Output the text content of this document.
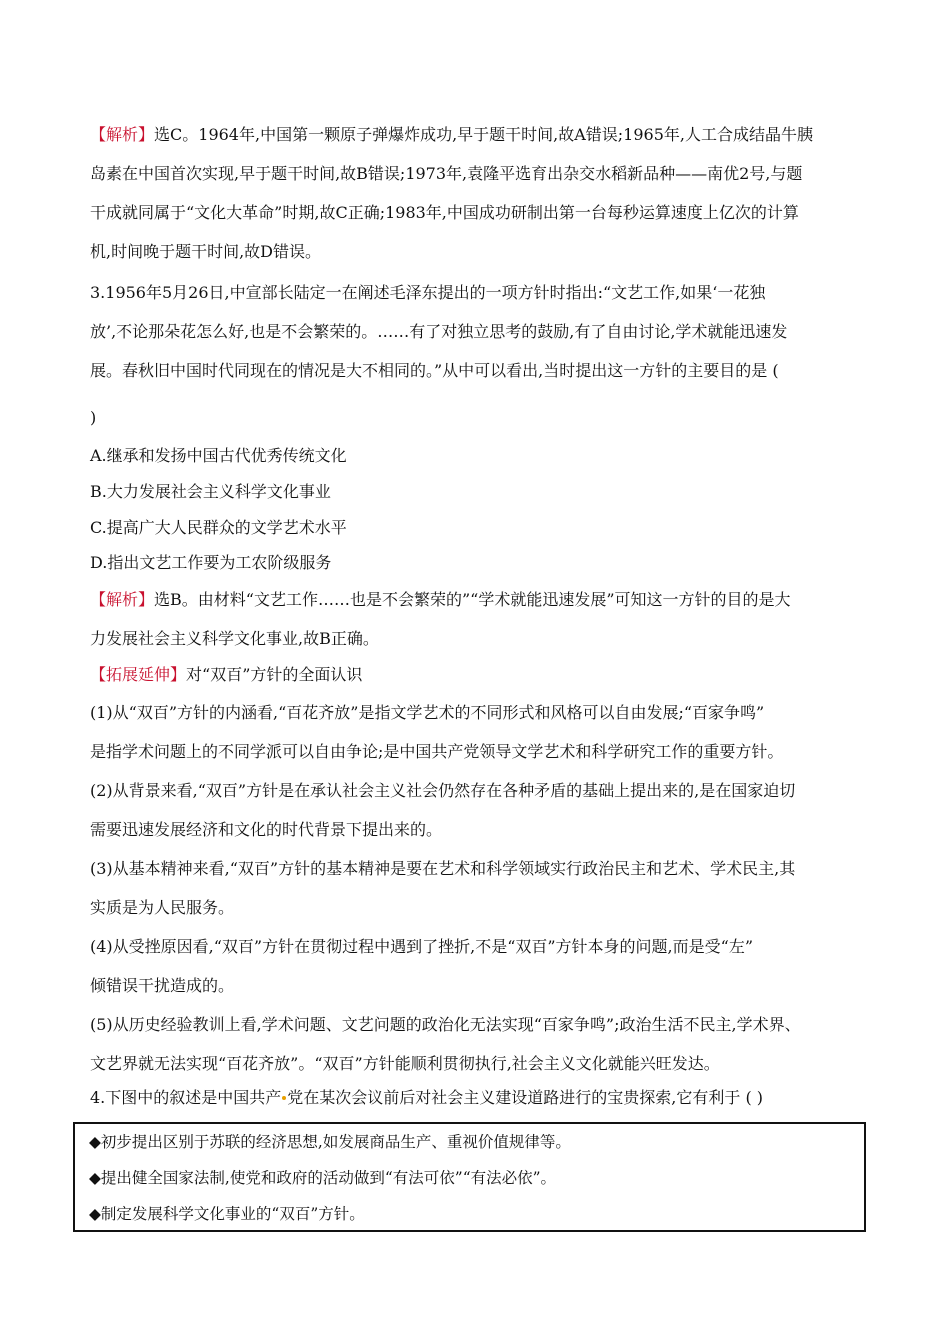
【解析】选C。1964年,中国第一颗原子弹爆炸成功,早于题干时间,故A错误;1965年,人工合成结晶牛胰
岛素在中国首次实现,早于题干时间,故B错误;1973年,袁隆平选育出杂交水稻新品种——南优2号,与题
干成就同属于“文化大革命”时期,故C正确;1983年,中国成功研制出第一台每秒运算速度上亿次的计算
机,时间晚于题干时间,故D错误。
3.1956年5月26日,中宣部长陆定一在阐述毛泽东提出的一项方针时指出:“文艺工作,如果‘一花独
放’,不论那朵花怎么好,也是不会繁荣的。……有了对独立思考的鼓励,有了自由讨论,学术就能迅速发
展。春秋旧中国时代同现在的情况是大不相同的。”从中可以看出,当时提出这一方针的主要目的是 (
)
A.继承和发扬中国古代优秀传统文化
B.大力发展社会主义科学文化事业
C.提高广大人民群众的文学艺术水平
D.指出文艺工作要为工农阶级服务
【解析】选B。由材料“文艺工作……也是不会繁荣的”“学术就能迅速发展”可知这一方针的目的是大
力发展社会主义科学文化事业,故B正确。
【拓展延伸】对“双百”方针的全面认识
(1)从“双百”方针的内涵看,“百花齐放”是指文学艺术的不同形式和风格可以自由发展;“百家争鸣”
是指学术问题上的不同学派可以自由争论;是中国共产党领导文学艺术和科学研究工作的重要方针。
(2)从背景来看,“双百”方针是在承认社会主义社会仍然存在各种矛盾的基础上提出来的,是在国家迫切
需要迅速发展经济和文化的时代背景下提出来的。
(3)从基本精神来看,“双百”方针的基本精神是要在艺术和科学领域实行政治民主和艺术、学术民主,其
实质是为人民服务。
(4)从受挫原因看,“双百”方针在贯彻过程中遇到了挫折,不是“双百”方针本身的问题,而是受“左”
倾错误干扰造成的。
(5)从历史经验教训上看,学术问题、文艺问题的政治化无法实现“百家争鸣”;政治生活不民主,学术界、
文艺界就无法实现“百花齐放”。“双百”方针能顺利贯彻执行,社会主义文化就能兴旺发达。
4.下图中的叙述是中国共产 党在某次会议前后对社会主义建设道路进行的宝贵探索,它有利于 ( )
◆初步提出区别于苏联的经济思想,如发展商品生产、重视价值规律等。
◆提出健全国家法制,使党和政府的活动做到“有法可依”“有法必依”。
◆制定发展科学文化事业的“双百”方针。
